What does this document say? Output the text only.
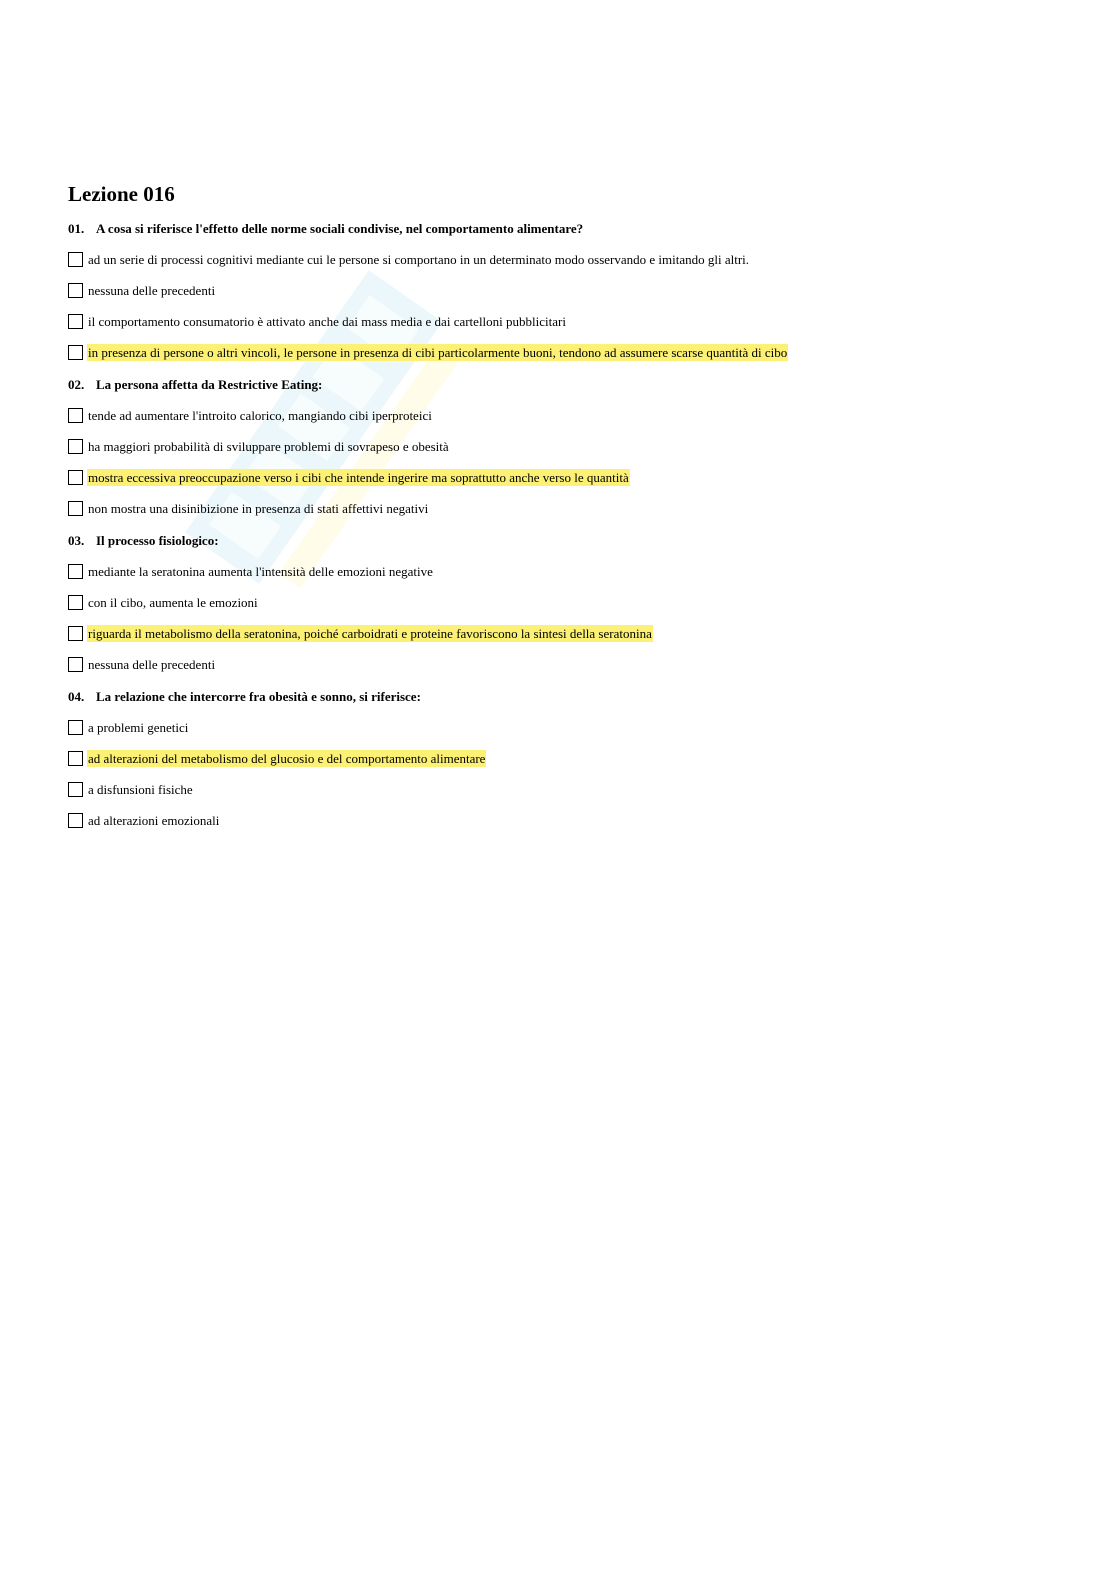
Lezione 016
01. A cosa si riferisce l'effetto delle norme sociali condivise, nel comportamento alimentare?
ad un serie di processi cognitivi mediante cui le persone si comportano in un determinato modo osservando e imitando gli altri.
nessuna delle precedenti
il comportamento consumatorio è attivato anche dai mass media e dai cartelloni pubblicitari
in presenza di persone o altri vincoli, le persone in presenza di cibi particolarmente buoni, tendono ad assumere scarse quantità di cibo
02. La persona affetta da Restrictive Eating:
tende ad aumentare l'introito calorico, mangiando cibi iperproteici
ha maggiori probabilità di sviluppare problemi di sovrapeso e obesità
mostra eccessiva preoccupazione verso i cibi che intende ingerire ma soprattutto anche verso le quantità
non mostra una disinibizione in presenza di stati affettivi negativi
03. Il processo fisiologico:
mediante la seratonina aumenta l'intensità delle emozioni negative
con il cibo, aumenta le emozioni
riguarda il metabolismo della seratonina, poiché carboidrati e proteine favoriscono la sintesi della seratonina
nessuna delle precedenti
04. La relazione che intercorre fra obesità e sonno, si riferisce:
a problemi genetici
ad alterazioni del metabolismo del glucosio e del comportamento alimentare
a disfunsioni fisiche
ad alterazioni emozionali
